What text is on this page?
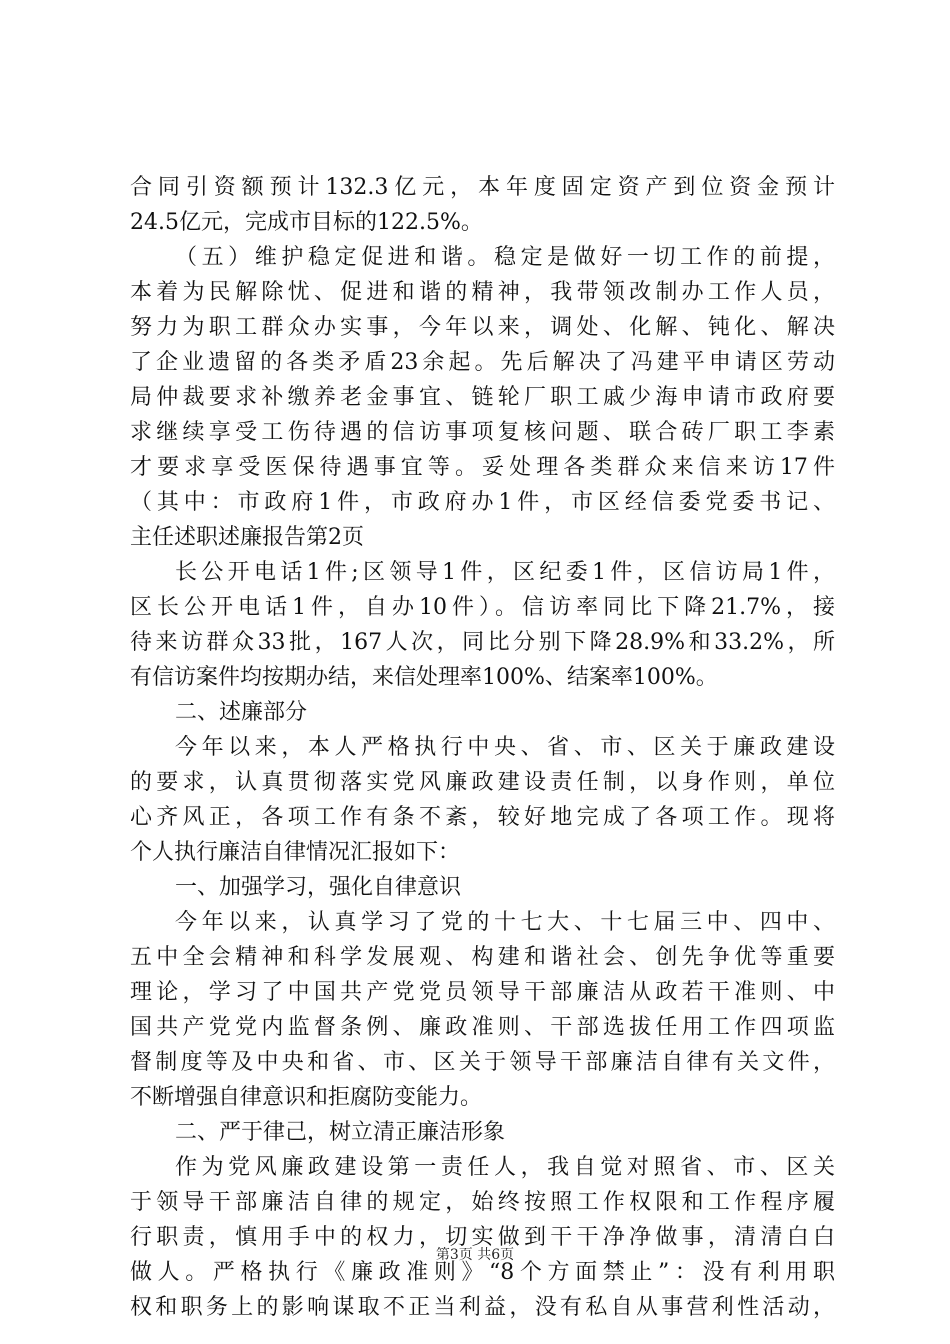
合同引资额预计132.3亿元，本年度固定资产到位资金预计
24.5亿元，完成市目标的122.5%。
（五）维护稳定促进和谐。稳定是做好一切工作的前提，
本着为民解除忧、促进和谐的精神，我带领改制办工作人员，
努力为职工群众办实事，今年以来，调处、化解、钝化、解决
了企业遗留的各类矛盾23余起。先后解决了冯建平申请区劳动
局仲裁要求补缴养老金事宜、链轮厂职工戚少海申请市政府要
求继续享受工伤待遇的信访事项复核问题、联合砖厂职工李素
才要求享受医保待遇事宜等。妥处理各类群众来信来访17件
（其中：市政府1件，市政府办1件，市区经信委党委书记、
主任述职述廉报告第2页
长公开电话1件;区领导1件，区纪委1件，区信访局1件，
区长公开电话1件，自办10件）。信访率同比下降21.7%，接
待来访群众33批，167人次，同比分别下降28.9%和33.2%，所
有信访案件均按期办结，来信处理率100%、结案率100%。
二、述廉部分
今年以来，本人严格执行中央、省、市、区关于廉政建设
的要求，认真贯彻落实党风廉政建设责任制，以身作则，单位
心齐风正，各项工作有条不紊，较好地完成了各项工作。现将
个人执行廉洁自律情况汇报如下：
一、加强学习，强化自律意识
今年以来，认真学习了党的十七大、十七届三中、四中、
五中全会精神和科学发展观、构建和谐社会、创先争优等重要
理论，学习了中国共产党党员领导干部廉洁从政若干准则、中
国共产党党内监督条例、廉政准则、干部选拔任用工作四项监
督制度等及中央和省、市、区关于领导干部廉洁自律有关文件，
不断增强自律意识和拒腐防变能力。
二、严于律己，树立清正廉洁形象
作为党风廉政建设第一责任人，我自觉对照省、市、区关
于领导干部廉洁自律的规定，始终按照工作权限和工作程序履
行职责，慎用手中的权力，切实做到干干净净做事，清清白白
做人。严格执行《廉政准则》“8个方面禁止”：没有利用职
权和职务上的影响谋取不正当利益，没有私自从事营利性活动，
第3页 共6页
